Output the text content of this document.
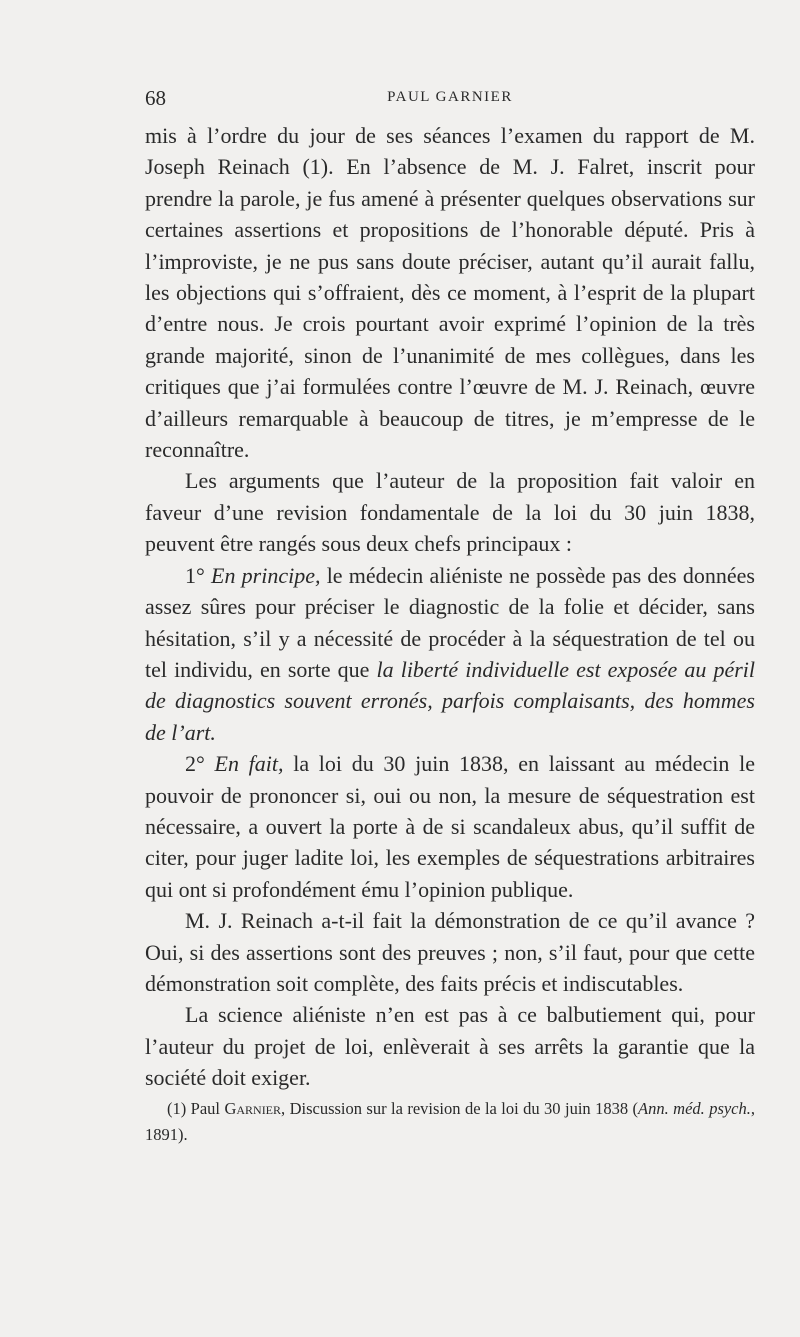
68	PAUL GARNIER

mis à l’ordre du jour de ses séances l’examen du rapport de M. Joseph Reinach (1). En l’absence de M. J. Falret, inscrit pour prendre la parole, je fus amené à présenter quelques observations sur certaines assertions et propositions de l’honorable député. Pris à l’improviste, je ne pus sans doute préciser, autant qu’il aurait fallu, les objections qui s’offraient, dès ce moment, à l’esprit de la plupart d’entre nous. Je crois pourtant avoir exprimé l’opinion de la très grande majorité, sinon de l’unanimité de mes collègues, dans les critiques que j’ai formulées contre l’œuvre de M. J. Reinach, œuvre d’ailleurs remarquable à beaucoup de titres, je m’empresse de le reconnaître.

Les arguments que l’auteur de la proposition fait valoir en faveur d’une revision fondamentale de la loi du 30 juin 1838, peuvent être rangés sous deux chefs principaux :

1° En principe, le médecin aliéniste ne possède pas des données assez sûres pour préciser le diagnostic de la folie et décider, sans hésitation, s’il y a nécessité de procéder à la séquestration de tel ou tel individu, en sorte que la liberté individuelle est exposée au péril de diagnostics souvent erronés, parfois complaisants, des hommes de l’art.

2° En fait, la loi du 30 juin 1838, en laissant au médecin le pouvoir de prononcer si, oui ou non, la mesure de séquestration est nécessaire, a ouvert la porte à de si scandaleux abus, qu’il suffit de citer, pour juger ladite loi, les exemples de séquestrations arbitraires qui ont si profondément ému l’opinion publique.

M. J. Reinach a-t-il fait la démonstration de ce qu’il avance ? Oui, si des assertions sont des preuves ; non, s’il faut, pour que cette démonstration soit complète, des faits précis et indiscutables.

La science aliéniste n’en est pas à ce balbutiement qui, pour l’auteur du projet de loi, enlèverait à ses arrêts la garantie que la société doit exiger.

(1) Paul Garnier, Discussion sur la revision de la loi du 30 juin 1838 (Ann. méd. psych., 1891).
